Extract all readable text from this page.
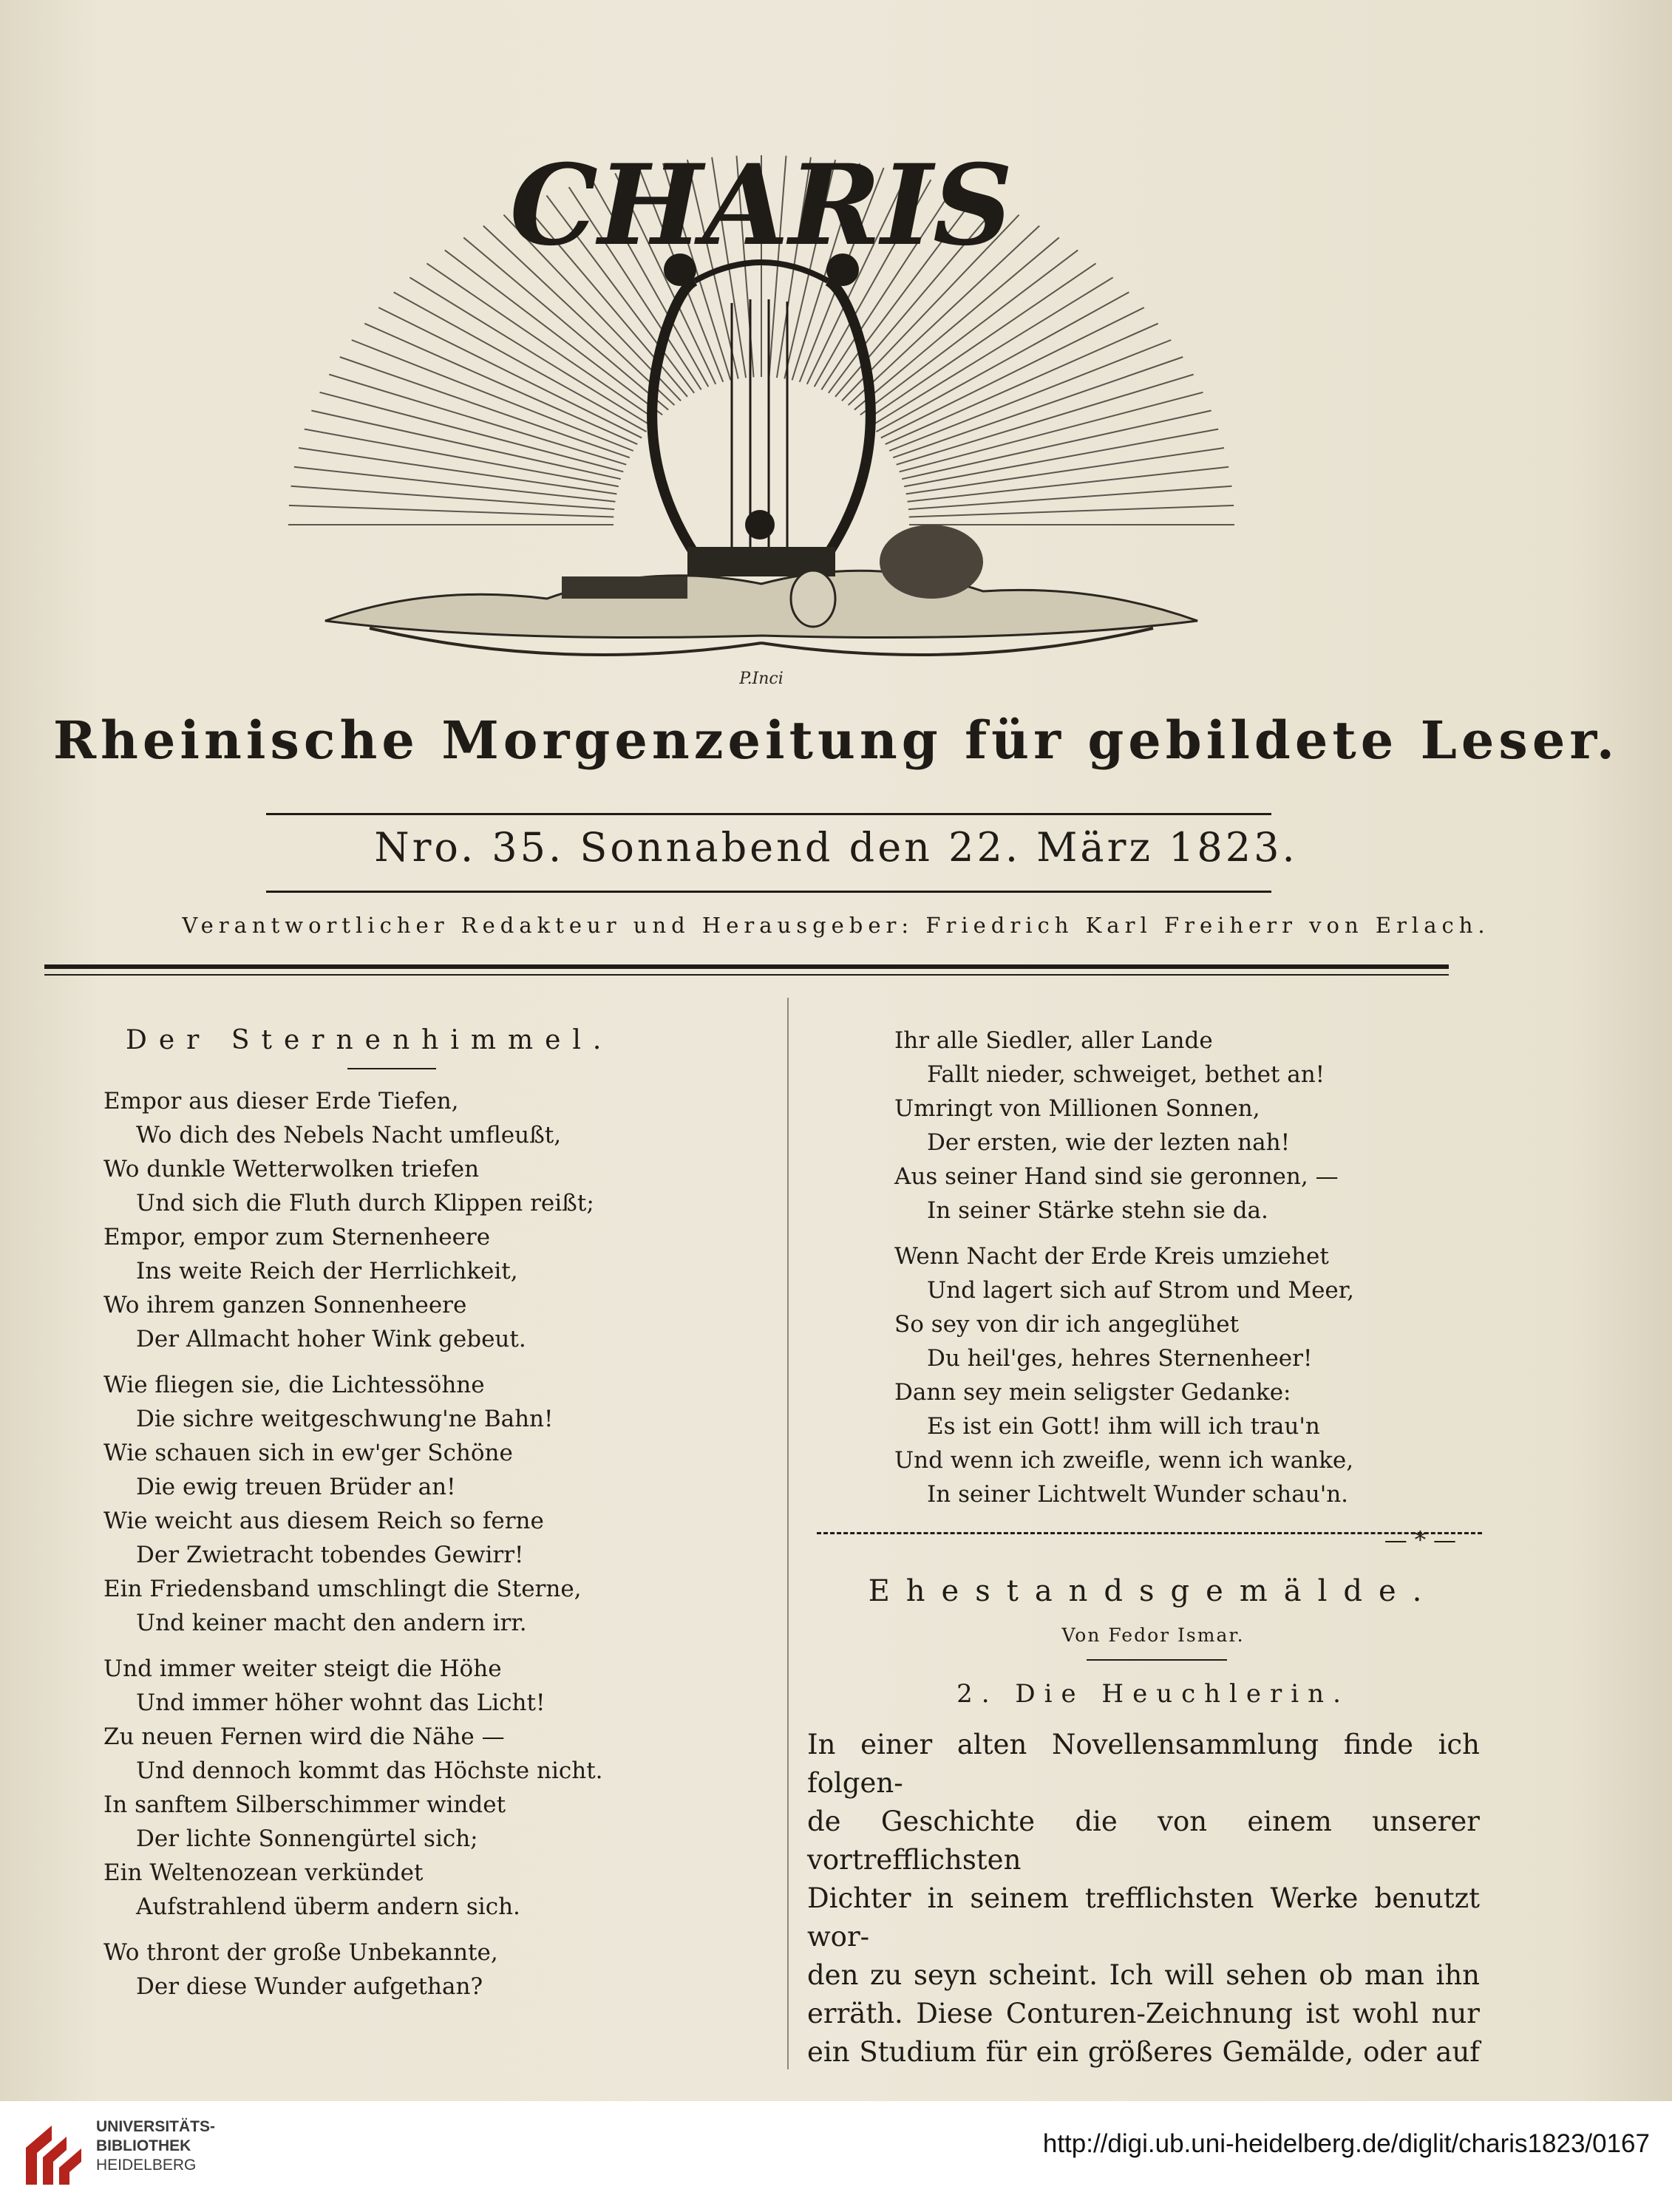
CHARIS
P.Inci
Rheinische Morgenzeitung für gebildete Leser.
Nro. 35. Sonnabend den 22. März 1823.
Verantwortlicher Redakteur und Herausgeber: Friedrich Karl Freiherr von Erlach.
Der Sternenhimmel.
Empor aus dieser Erde Tiefen,
Wo dich des Nebels Nacht umfleußt,
Wo dunkle Wetterwolken triefen
Und sich die Fluth durch Klippen reißt;
Empor, empor zum Sternenheere
Ins weite Reich der Herrlichkeit,
Wo ihrem ganzen Sonnenheere
Der Allmacht hoher Wink gebeut.
Wie fliegen sie, die Lichtessöhne
Die sichre weitgeschwung'ne Bahn!
Wie schauen sich in ew'ger Schöne
Die ewig treuen Brüder an!
Wie weicht aus diesem Reich so ferne
Der Zwietracht tobendes Gewirr!
Ein Friedensband umschlingt die Sterne,
Und keiner macht den andern irr.
Und immer weiter steigt die Höhe
Und immer höher wohnt das Licht!
Zu neuen Fernen wird die Nähe —
Und dennoch kommt das Höchste nicht.
In sanftem Silberschimmer windet
Der lichte Sonnengürtel sich;
Ein Weltenozean verkündet
Aufstrahlend überm andern sich.
Wo thront der große Unbekannte,
Der diese Wunder aufgethan?
Ihr alle Siedler, aller Lande
Fallt nieder, schweiget, bethet an!
Umringt von Millionen Sonnen,
Der ersten, wie der lezten nah!
Aus seiner Hand sind sie geronnen, —
In seiner Stärke stehn sie da.
Wenn Nacht der Erde Kreis umziehet
Und lagert sich auf Strom und Meer,
So sey von dir ich angeglühet
Du heil'ges, hehres Sternenheer!
Dann sey mein seligster Gedanke:
Es ist ein Gott! ihm will ich trau'n
Und wenn ich zweifle, wenn ich wanke,
In seiner Lichtwelt Wunder schau'n.
— * —
Ehestandsgemälde.
Von Fedor Ismar.
2. Die Heuchlerin.

In einer alten Novellensammlung finde ich folgen-

de Geschichte die von einem unserer vortrefflichsten

Dichter in seinem trefflichsten Werke benutzt wor-

den zu seyn scheint. Ich will sehen ob man ihn

erräth. Diese Conturen-Zeichnung ist wohl nur

ein Studium für ein größeres Gemälde, oder auf

UNIVERSITÄTS-
BIBLIOTHEK
HEIDELBERG
http://digi.ub.uni-heidelberg.de/diglit/charis1823/0167
